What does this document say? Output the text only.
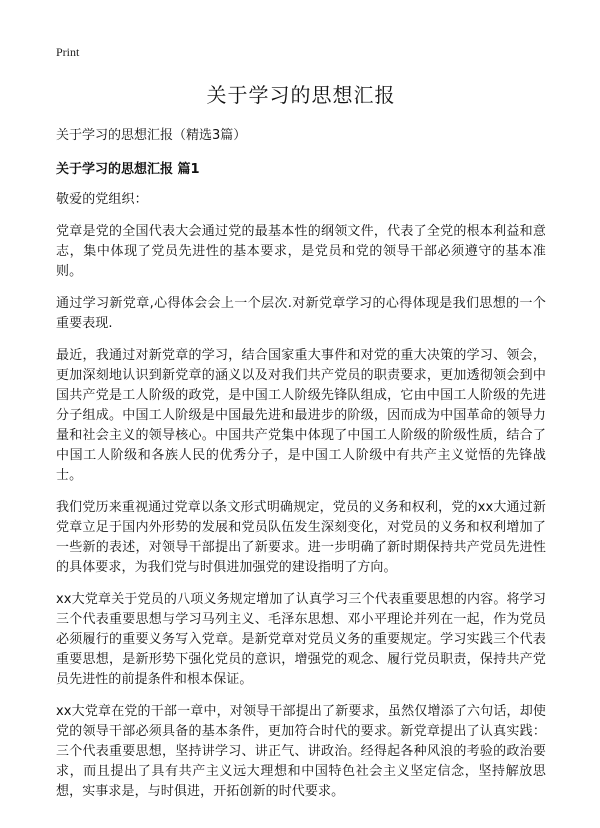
Print
关于学习的思想汇报
关于学习的思想汇报（精选3篇）
关于学习的思想汇报 篇1

敬爱的党组织：

党章是党的全国代表大会通过党的最基本性的纲领文件，代表了全党的根本利益和意志，集中体现了党员先进性的基本要求，是党员和党的领导干部必须遵守的基本准则。

通过学习新党章,心得体会会上一个层次.对新党章学习的心得体现是我们思想的一个重要表现.

最近，我通过对新党章的学习，结合国家重大事件和对党的重大决策的学习、领会，更加深刻地认识到新党章的涵义以及对我们共产党员的职责要求，更加透彻领会到中国共产党是工人阶级的政党，是中国工人阶级先锋队组成，它由中国工人阶级的先进分子组成。中国工人阶级是中国最先进和最进步的阶级，因而成为中国革命的领导力量和社会主义的领导核心。中国共产党集中体现了中国工人阶级的阶级性质，结合了中国工人阶级和各族人民的优秀分子，是中国工人阶级中有共产主义觉悟的先锋战士。

我们党历来重视通过党章以条文形式明确规定，党员的义务和权利，党的xx大通过新党章立足于国内外形势的发展和党员队伍发生深刻变化，对党员的义务和权利增加了一些新的表述，对领导干部提出了新要求。进一步明确了新时期保持共产党员先进性的具体要求，为我们党与时俱进加强党的建设指明了方向。

xx大党章关于党员的八项义务规定增加了认真学习三个代表重要思想的内容。将学习三个代表重要思想与学习马列主义、毛泽东思想、邓小平理论并列在一起，作为党员必须履行的重要义务写入党章。是新党章对党员义务的重要规定。学习实践三个代表重要思想，是新形势下强化党员的意识，增强党的观念、履行党员职责，保持共产党员先进性的前提条件和根本保证。

xx大党章在党的干部一章中，对领导干部提出了新要求，虽然仅增添了六句话，却使党的领导干部必须具备的基本条件，更加符合时代的要求。新党章提出了认真实践：三个代表重要思想，坚持讲学习、讲正气、讲政治。经得起各种风浪的考验的政治要求，而且提出了具有共产主义远大理想和中国特色社会主义坚定信念，坚持解放思想，实事求是，与时俱进，开拓创新的时代要求。
